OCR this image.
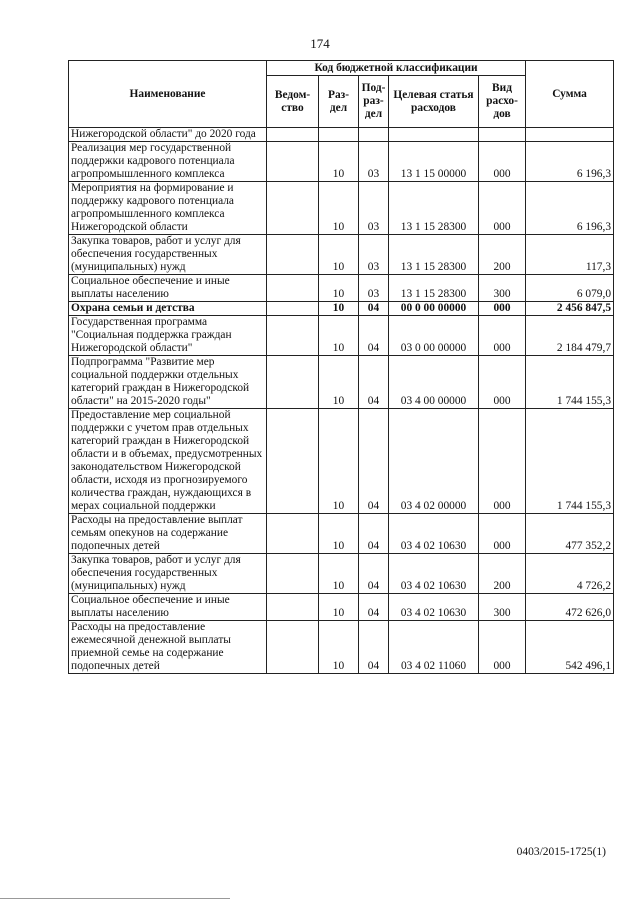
174
Наименование	Код бюджетной классификации					Сумма
	Ведом-ство	Раз-дел	Под-раз-дел	Целевая статья расходов	Вид расхо-дов	
Нижегородской области" до 2020 года						
Реализация мер государственной поддержки кадрового потенциала агропромышленного комплекса		10	03	13 1 15 00000	000	6 196,3
Мероприятия на формирование и поддержку кадрового потенциала агропромышленного комплекса Нижегородской области		10	03	13 1 15 28300	000	6 196,3
Закупка товаров, работ и услуг для обеспечения государственных (муниципальных) нужд		10	03	13 1 15 28300	200	117,3
Социальное обеспечение и иные выплаты населению		10	03	13 1 15 28300	300	6 079,0
Охрана семьи и детства		10	04	00 0 00 00000	000	2 456 847,5
Государственная программа "Социальная поддержка граждан Нижегородской области"		10	04	03 0 00 00000	000	2 184 479,7
Подпрограмма "Развитие мер социальной поддержки отдельных категорий граждан в Нижегородской области" на 2015-2020 годы"		10	04	03 4 00 00000	000	1 744 155,3
Предоставление мер социальной поддержки с учетом прав отдельных категорий граждан в Нижегородской области и в объемах, предусмотренных законодательством Нижегородской области, исходя из прогнозируемого количества граждан, нуждающихся в мерах социальной поддержки		10	04	03 4 02 00000	000	1 744 155,3
Расходы на предоставление выплат семьям опекунов на содержание подопечных детей		10	04	03 4 02 10630	000	477 352,2
Закупка товаров, работ и услуг для обеспечения государственных (муниципальных) нужд		10	04	03 4 02 10630	200	4 726,2
Социальное обеспечение и иные выплаты населению		10	04	03 4 02 10630	300	472 626,0
Расходы на предоставление ежемесячной денежной выплаты приемной семье на содержание подопечных детей		10	04	03 4 02 11060	000	542 496,1
0403/2015-1725(1)
